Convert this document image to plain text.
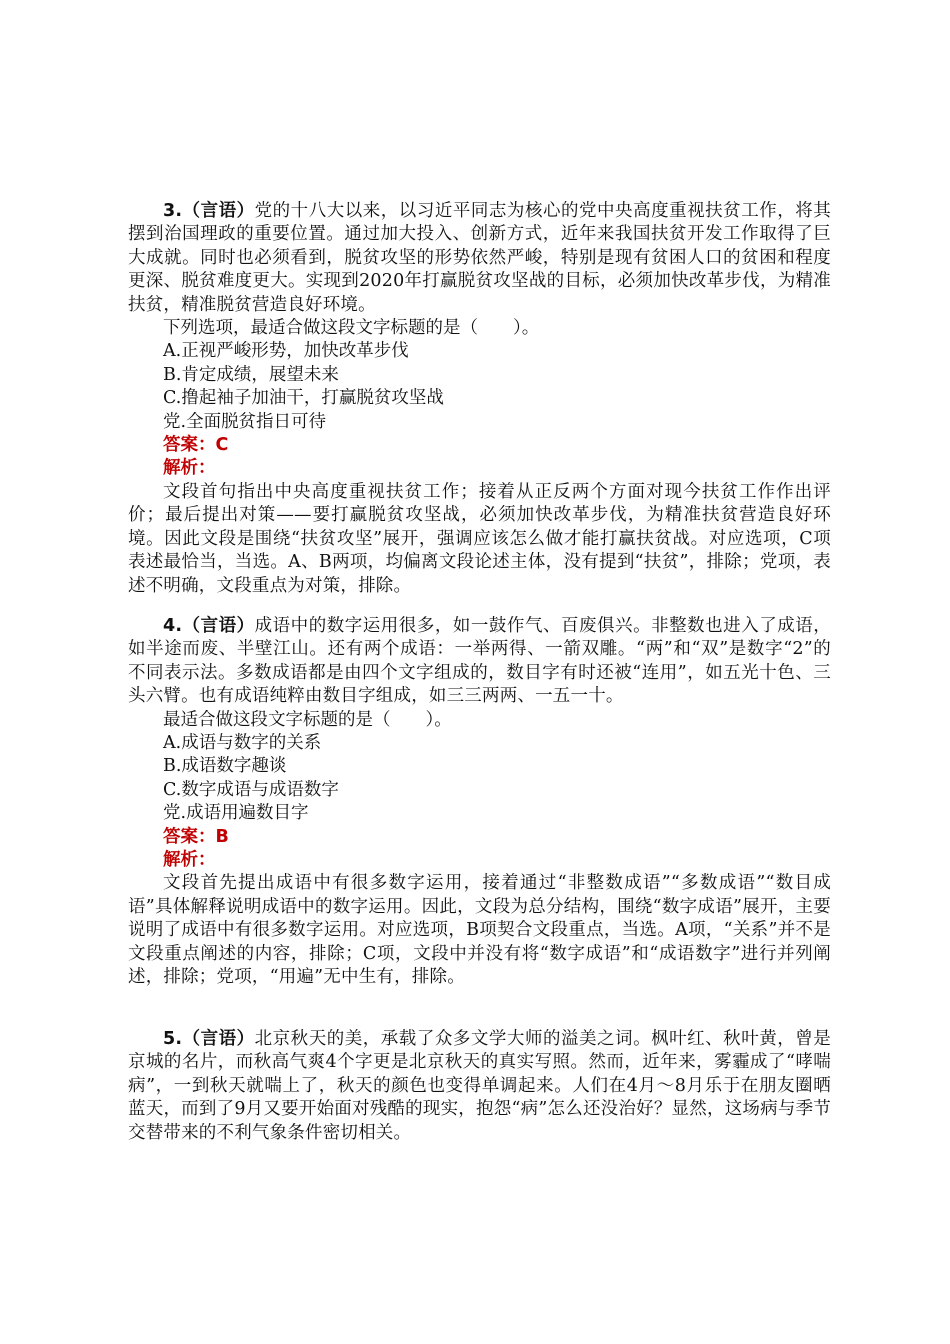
3.（言语）党的十八大以来，以习近平同志为核心的党中央高度重视扶贫工作，将其摆到治国理政的重要位置。通过加大投入、创新方式，近年来我国扶贫开发工作取得了巨大成就。同时也必须看到，脱贫攻坚的形势依然严峻，特别是现有贫困人口的贫困和程度更深、脱贫难度更大。实现到2020年打赢脱贫攻坚战的目标，必须加快改革步伐，为精准扶贫，精准脱贫营造良好环境。

下列选项，最适合做这段文字标题的是（　　）。

A.正视严峻形势，加快改革步伐

B.肯定成绩，展望未来

C.撸起袖子加油干，打赢脱贫攻坚战

党.全面脱贫指日可待

答案：C

解析：

文段首句指出中央高度重视扶贫工作；接着从正反两个方面对现今扶贫工作作出评价；最后提出对策——要打赢脱贫攻坚战，必须加快改革步伐，为精准扶贫营造良好环境。因此文段是围绕“扶贫攻坚”展开，强调应该怎么做才能打赢扶贫战。对应选项，C项表述最恰当，当选。A、B两项，均偏离文段论述主体，没有提到“扶贫”，排除；党项，表述不明确，文段重点为对策，排除。

4.（言语）成语中的数字运用很多，如一鼓作气、百废俱兴。非整数也进入了成语，如半途而废、半壁江山。还有两个成语：一举两得、一箭双雕。“两”和“双”是数字“2”的不同表示法。多数成语都是由四个文字组成的，数目字有时还被“连用”，如五光十色、三头六臂。也有成语纯粹由数目字组成，如三三两两、一五一十。

最适合做这段文字标题的是（　　）。

A.成语与数字的关系

B.成语数字趣谈

C.数字成语与成语数字

党.成语用遍数目字

答案：B

解析：

文段首先提出成语中有很多数字运用，接着通过“非整数成语”“多数成语”“数目成语”具体解释说明成语中的数字运用。因此，文段为总分结构，围绕“数字成语”展开，主要说明了成语中有很多数字运用。对应选项，B项契合文段重点，当选。A项，“关系”并不是文段重点阐述的内容，排除；C项，文段中并没有将“数字成语”和“成语数字”进行并列阐述，排除；党项，“用遍”无中生有，排除。

5.（言语）北京秋天的美，承载了众多文学大师的溢美之词。枫叶红、秋叶黄，曾是京城的名片，而秋高气爽4个字更是北京秋天的真实写照。然而，近年来，雾霾成了“哮喘病”，一到秋天就喘上了，秋天的颜色也变得单调起来。人们在4月～8月乐于在朋友圈晒蓝天，而到了9月又要开始面对残酷的现实，抱怨“病”怎么还没治好？显然，这场病与季节交替带来的不利气象条件密切相关。
